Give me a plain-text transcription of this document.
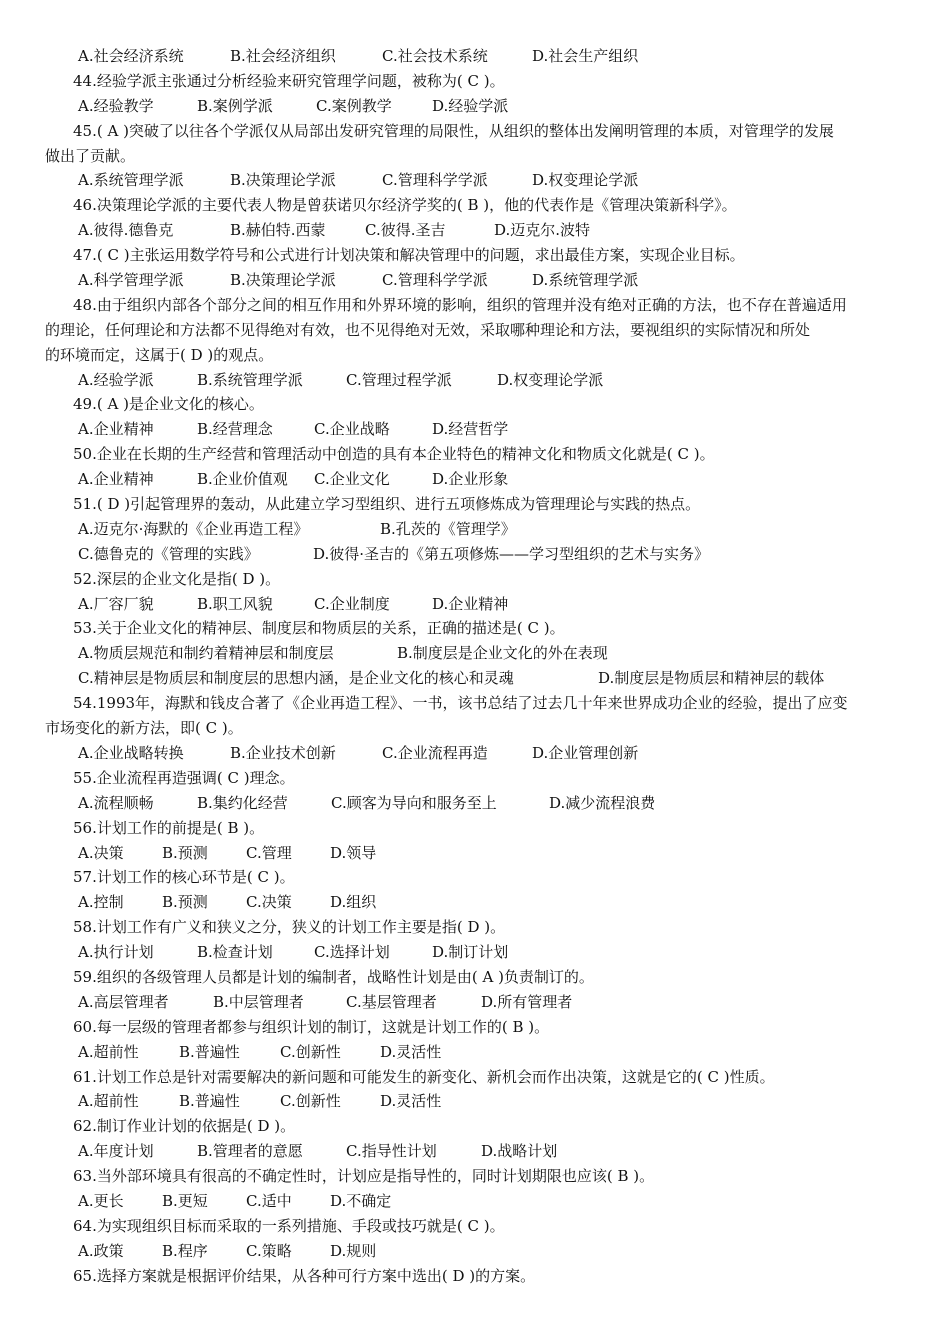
A.社会经济系统	B.社会经济组织	C.社会技术系统	D.社会生产组织
44.经验学派主张通过分析经验来研究管理学问题，被称为( C )。
A.经验教学	B.案例学派	C.案例教学	D.经验学派
45.( A )突破了以往各个学派仅从局部出发研究管理的局限性，从组织的整体出发阐明管理的本质，对管理学的发展
做出了贡献。
A.系统管理学派	B.决策理论学派	C.管理科学学派	D.权变理论学派
46.决策理论学派的主要代表人物是曾获诺贝尔经济学奖的( B )，他的代表作是《管理决策新科学》。
A.彼得.德鲁克	B.赫伯特.西蒙	C.彼得.圣吉	D.迈克尔.波特
47.( C )主张运用数学符号和公式进行计划决策和解决管理中的问题，求出最佳方案，实现企业目标。
A.科学管理学派	B.决策理论学派	C.管理科学学派	D.系统管理学派
48.由于组织内部各个部分之间的相互作用和外界环境的影响，组织的管理并没有绝对正确的方法，也不存在普遍适用
的理论，任何理论和方法都不见得绝对有效，也不见得绝对无效，采取哪种理论和方法，要视组织的实际情况和所处
的环境而定，这属于( D )的观点。
A.经验学派	B.系统管理学派	C.管理过程学派	D.权变理论学派
49.( A )是企业文化的核心。
A.企业精神	B.经营理念	C.企业战略	D.经营哲学
50.企业在长期的生产经营和管理活动中创造的具有本企业特色的精神文化和物质文化就是( C )。
A.企业精神	B.企业价值观 C.企业文化	D.企业形象
51.( D )引起管理界的轰动，从此建立学习型组织、进行五项修炼成为管理理论与实践的热点。
A.迈克尔·海默的《企业再造工程》	B.孔茨的《管理学》
C.德鲁克的《管理的实践》	D.彼得·圣吉的《第五项修炼——学习型组织的艺术与实务》
52.深层的企业文化是指( D )。
A.厂容厂貌	B.职工风貌	C.企业制度	D.企业精神
53.关于企业文化的精神层、制度层和物质层的关系，正确的描述是( C )。
A.物质层规范和制约着精神层和制度层	B.制度层是企业文化的外在表现
C.精神层是物质层和制度层的思想内涵，是企业文化的核心和灵魂	D.制度层是物质层和精神层的载体
54.1993年，海默和钱皮合著了《企业再造工程》、一书，该书总结了过去几十年来世界成功企业的经验，提出了应变
市场变化的新方法，即( C )。
A.企业战略转换	B.企业技术创新	C.企业流程再造	D.企业管理创新
55.企业流程再造强调( C )理念。
A.流程顺畅	B.集约化经营	C.顾客为导向和服务至上	D.减少流程浪费
56.计划工作的前提是( B )。
A.决策	B.预测	C.管理	D.领导
57.计划工作的核心环节是( C )。
A.控制	B.预测	C.决策	D.组织
58.计划工作有广义和狭义之分，狭义的计划工作主要是指( D )。
A.执行计划	B.检查计划	C.选择计划	D.制订计划
59.组织的各级管理人员都是计划的编制者，战略性计划是由( A )负责制订的。
A.高层管理者	B.中层管理者	C.基层管理者	D.所有管理者
60.每一层级的管理者都参与组织计划的制订，这就是计划工作的( B )。
A.超前性	B.普遍性	C.创新性	D.灵活性
61.计划工作总是针对需要解决的新问题和可能发生的新变化、新机会而作出决策，这就是它的( C )性质。
A.超前性	B.普遍性	C.创新性	D.灵活性
62.制订作业计划的依据是( D )。
A.年度计划	B.管理者的意愿	C.指导性计划	D.战略计划
63.当外部环境具有很高的不确定性时，计划应是指导性的，同时计划期限也应该( B )。
A.更长	B.更短	C.适中	D.不确定
64.为实现组织目标而采取的一系列措施、手段或技巧就是( C )。
A.政策	B.程序	C.策略	D.规则
65.选择方案就是根据评价结果，从各种可行方案中选出( D )的方案。
